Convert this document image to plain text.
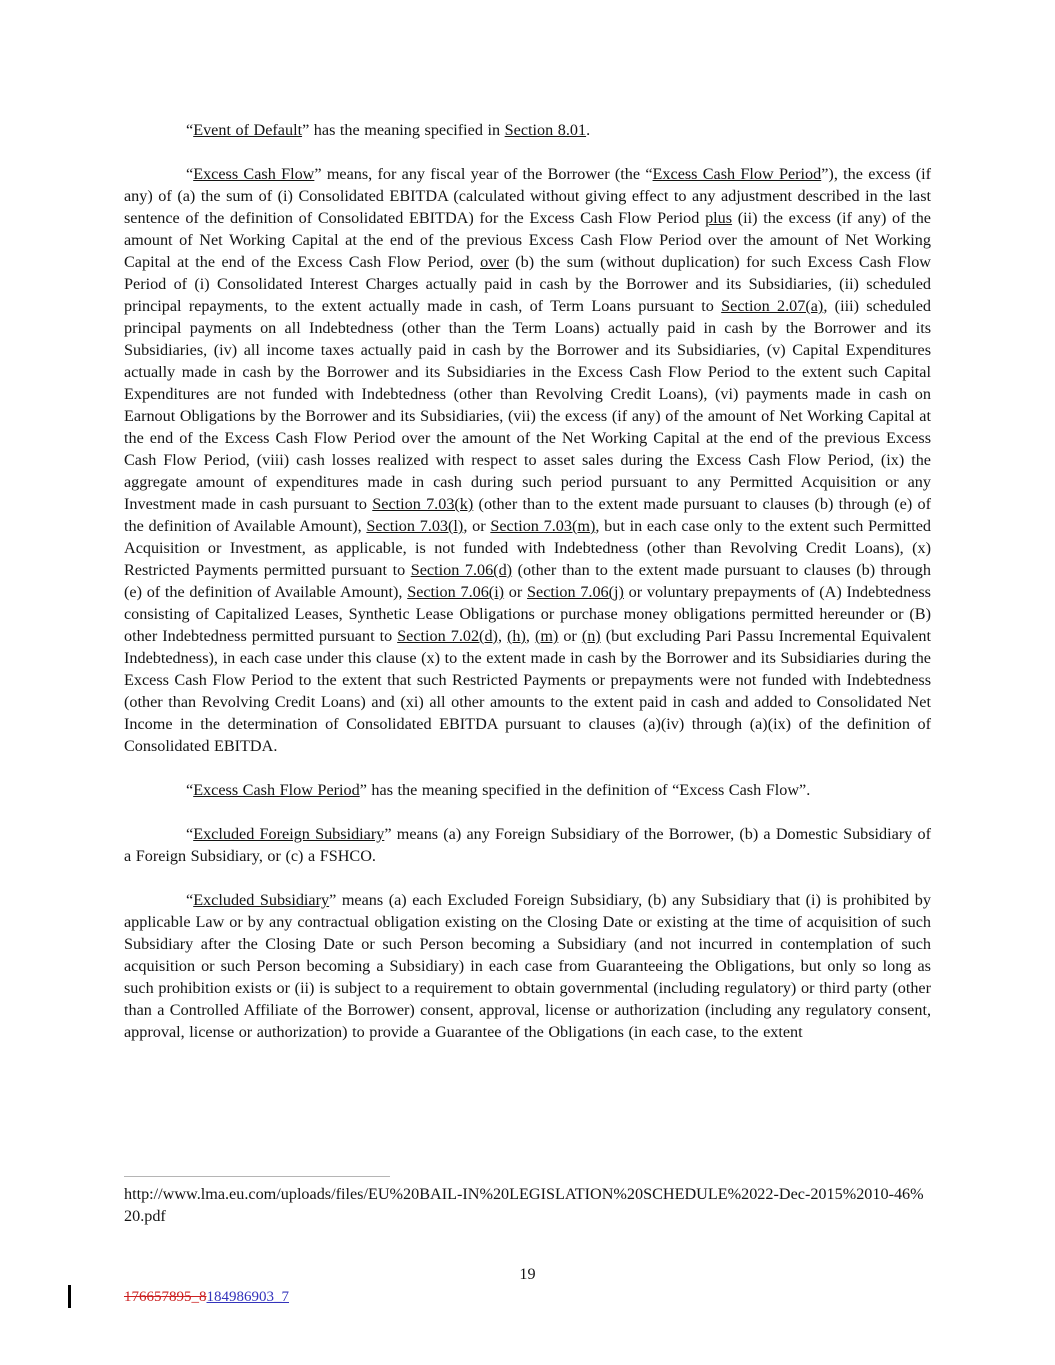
“Event of Default” has the meaning specified in Section 8.01.

“Excess Cash Flow” means, for any fiscal year of the Borrower (the “Excess Cash Flow Period”), the excess (if any) of (a) the sum of (i) Consolidated EBITDA (calculated without giving effect to any adjustment described in the last sentence of the definition of Consolidated EBITDA) for the Excess Cash Flow Period plus (ii) the excess (if any) of the amount of Net Working Capital at the end of the previous Excess Cash Flow Period over the amount of Net Working Capital at the end of the Excess Cash Flow Period, over (b) the sum (without duplication) for such Excess Cash Flow Period of (i) Consolidated Interest Charges actually paid in cash by the Borrower and its Subsidiaries, (ii) scheduled principal repayments, to the extent actually made in cash, of Term Loans pursuant to Section 2.07(a), (iii) scheduled principal payments on all Indebtedness (other than the Term Loans) actually paid in cash by the Borrower and its Subsidiaries, (iv) all income taxes actually paid in cash by the Borrower and its Subsidiaries, (v) Capital Expenditures actually made in cash by the Borrower and its Subsidiaries in the Excess Cash Flow Period to the extent such Capital Expenditures are not funded with Indebtedness (other than Revolving Credit Loans), (vi) payments made in cash on Earnout Obligations by the Borrower and its Subsidiaries, (vii) the excess (if any) of the amount of Net Working Capital at the end of the Excess Cash Flow Period over the amount of the Net Working Capital at the end of the previous Excess Cash Flow Period, (viii) cash losses realized with respect to asset sales during the Excess Cash Flow Period, (ix) the aggregate amount of expenditures made in cash during such period pursuant to any Permitted Acquisition or any Investment made in cash pursuant to Section 7.03(k) (other than to the extent made pursuant to clauses (b) through (e) of the definition of Available Amount), Section 7.03(l), or Section 7.03(m), but in each case only to the extent such Permitted Acquisition or Investment, as applicable, is not funded with Indebtedness (other than Revolving Credit Loans), (x) Restricted Payments permitted pursuant to Section 7.06(d) (other than to the extent made pursuant to clauses (b) through (e) of the definition of Available Amount), Section 7.06(i) or Section 7.06(j) or voluntary prepayments of (A) Indebtedness consisting of Capitalized Leases, Synthetic Lease Obligations or purchase money obligations permitted hereunder or (B) other Indebtedness permitted pursuant to Section 7.02(d), (h), (m) or (n) (but excluding Pari Passu Incremental Equivalent Indebtedness), in each case under this clause (x) to the extent made in cash by the Borrower and its Subsidiaries during the Excess Cash Flow Period to the extent that such Restricted Payments or prepayments were not funded with Indebtedness (other than Revolving Credit Loans) and (xi) all other amounts to the extent paid in cash and added to Consolidated Net Income in the determination of Consolidated EBITDA pursuant to clauses (a)(iv) through (a)(ix) of the definition of Consolidated EBITDA.

“Excess Cash Flow Period” has the meaning specified in the definition of “Excess Cash Flow”.

“Excluded Foreign Subsidiary” means (a) any Foreign Subsidiary of the Borrower, (b) a Domestic Subsidiary of a Foreign Subsidiary, or (c) a FSHCO.

“Excluded Subsidiary” means (a) each Excluded Foreign Subsidiary, (b) any Subsidiary that (i) is prohibited by applicable Law or by any contractual obligation existing on the Closing Date or existing at the time of acquisition of such Subsidiary after the Closing Date or such Person becoming a Subsidiary (and not incurred in contemplation of such acquisition or such Person becoming a Subsidiary) in each case from Guaranteeing the Obligations, but only so long as such prohibition exists or (ii) is subject to a requirement to obtain governmental (including regulatory) or third party (other than a Controlled Affiliate of the Borrower) consent, approval, license or authorization (including any regulatory consent, approval, license or authorization) to provide a Guarantee of the Obligations (in each case, to the extent

http://www.lma.eu.com/uploads/files/EU%20BAIL-IN%20LEGISLATION%20SCHEDULE%2022-Dec-2015%2010-46%20.pdf
19
176657895_8184986903_7
